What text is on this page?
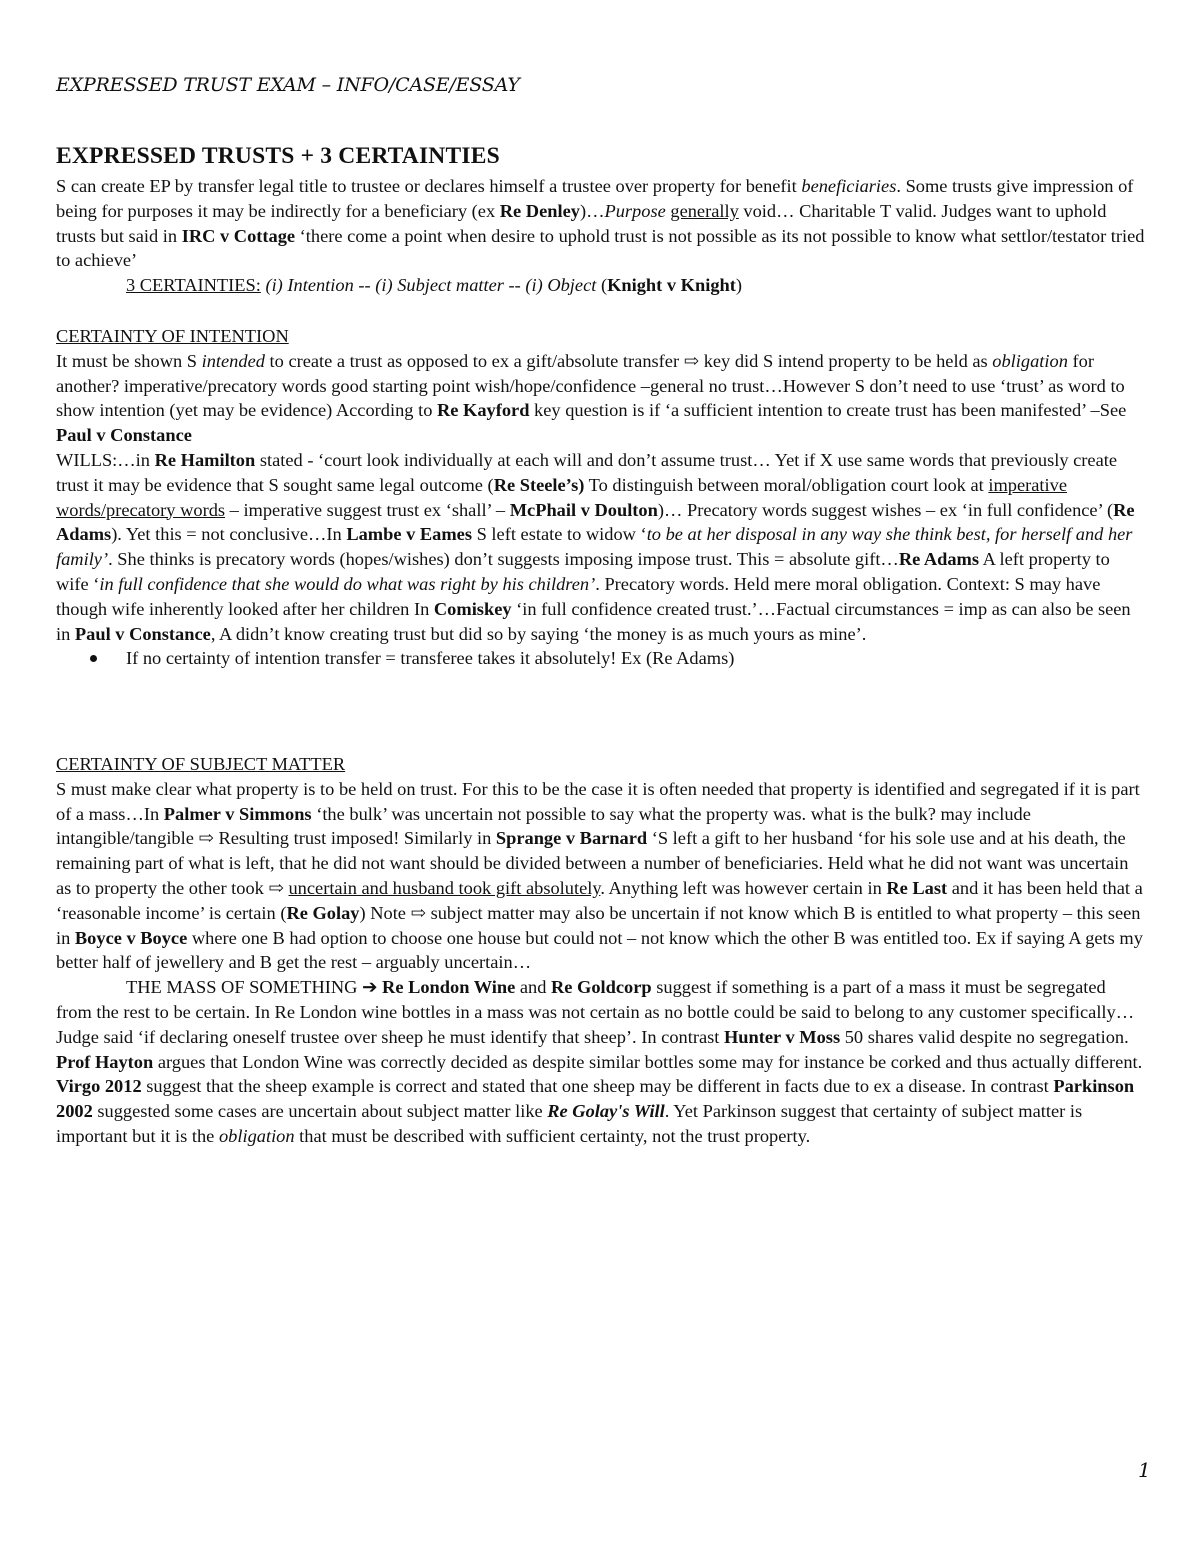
EXPRESSED TRUST EXAM – INFO/CASE/ESSAY
EXPRESSED TRUSTS + 3 CERTAINTIES

S can create EP by transfer legal title to trustee or declares himself a trustee over property for benefit beneficiaries. Some trusts give impression of being for purposes it may be indirectly for a beneficiary (ex Re Denley)…Purpose generally void… Charitable T valid. Judges want to uphold trusts but said in IRC v Cottage ‘there come a point when desire to uphold trust is not possible as its not possible to know what settlor/testator tried to achieve’

3 CERTAINTIES: (i) Intention -- (i) Subject matter -- (i) Object (Knight v Knight)

CERTAINTY OF INTENTION

It must be shown S intended to create a trust as opposed to ex a gift/absolute transfer ⇨ key did S intend property to be held as obligation for another? imperative/precatory words good starting point wish/hope/confidence –general no trust…However S don’t need to use ‘trust’ as word to show intention (yet may be evidence) According to Re Kayford key question is if ‘a sufficient intention to create trust has been manifested’ –See Paul v Constance

WILLS:…in Re Hamilton stated - ‘court look individually at each will and don’t assume trust… Yet if X use same words that previously create trust it may be evidence that S sought same legal outcome (Re Steele’s) To distinguish between moral/obligation court look at imperative words/precatory words – imperative suggest trust ex ‘shall’ – McPhail v Doulton)… Precatory words suggest wishes – ex ‘in full confidence’ (Re Adams). Yet this = not conclusive…In Lambe v Eames S left estate to widow ‘to be at her disposal in any way she think best, for herself and her family’. She thinks is precatory words (hopes/wishes) don’t suggests imposing impose trust. This = absolute gift…Re Adams A left property to wife ‘in full confidence that she would do what was right by his children’. Precatory words. Held mere moral obligation. Context: S may have though wife inherently looked after her children In Comiskey ‘in full confidence created trust.’…Factual circumstances = imp as can also be seen in Paul v Constance, A didn’t know creating trust but did so by saying ‘the money is as much yours as mine’.

If no certainty of intention transfer = transferee takes it absolutely! Ex (Re Adams)

CERTAINTY OF SUBJECT MATTER

S must make clear what property is to be held on trust. For this to be the case it is often needed that property is identified and segregated if it is part of a mass…In Palmer v Simmons ‘the bulk’ was uncertain not possible to say what the property was. what is the bulk? may include intangible/tangible ⇨ Resulting trust imposed! Similarly in Sprange v Barnard ‘S left a gift to her husband ‘for his sole use and at his death, the remaining part of what is left, that he did not want should be divided between a number of beneficiaries. Held what he did not want was uncertain as to property the other took ⇨ uncertain and husband took gift absolutely. Anything left was however certain in Re Last and it has been held that a ‘reasonable income’ is certain (Re Golay) Note ⇨ subject matter may also be uncertain if not know which B is entitled to what property – this seen in Boyce v Boyce where one B had option to choose one house but could not – not know which the other B was entitled too. Ex if saying A gets my better half of jewellery and B get the rest – arguably uncertain…

THE MASS OF SOMETHING ➔ Re London Wine and Re Goldcorp suggest if something is a part of a mass it must be segregated from the rest to be certain. In Re London wine bottles in a mass was not certain as no bottle could be said to belong to any customer specifically…Judge said ‘if declaring oneself trustee over sheep he must identify that sheep’. In contrast Hunter v Moss 50 shares valid despite no segregation. Prof Hayton argues that London Wine was correctly decided as despite similar bottles some may for instance be corked and thus actually different. Virgo 2012 suggest that the sheep example is correct and stated that one sheep may be different in facts due to ex a disease. In contrast Parkinson 2002 suggested some cases are uncertain about subject matter like Re Golay's Will. Yet Parkinson suggest that certainty of subject matter is important but it is the obligation that must be described with sufficient certainty, not the trust property.

1
